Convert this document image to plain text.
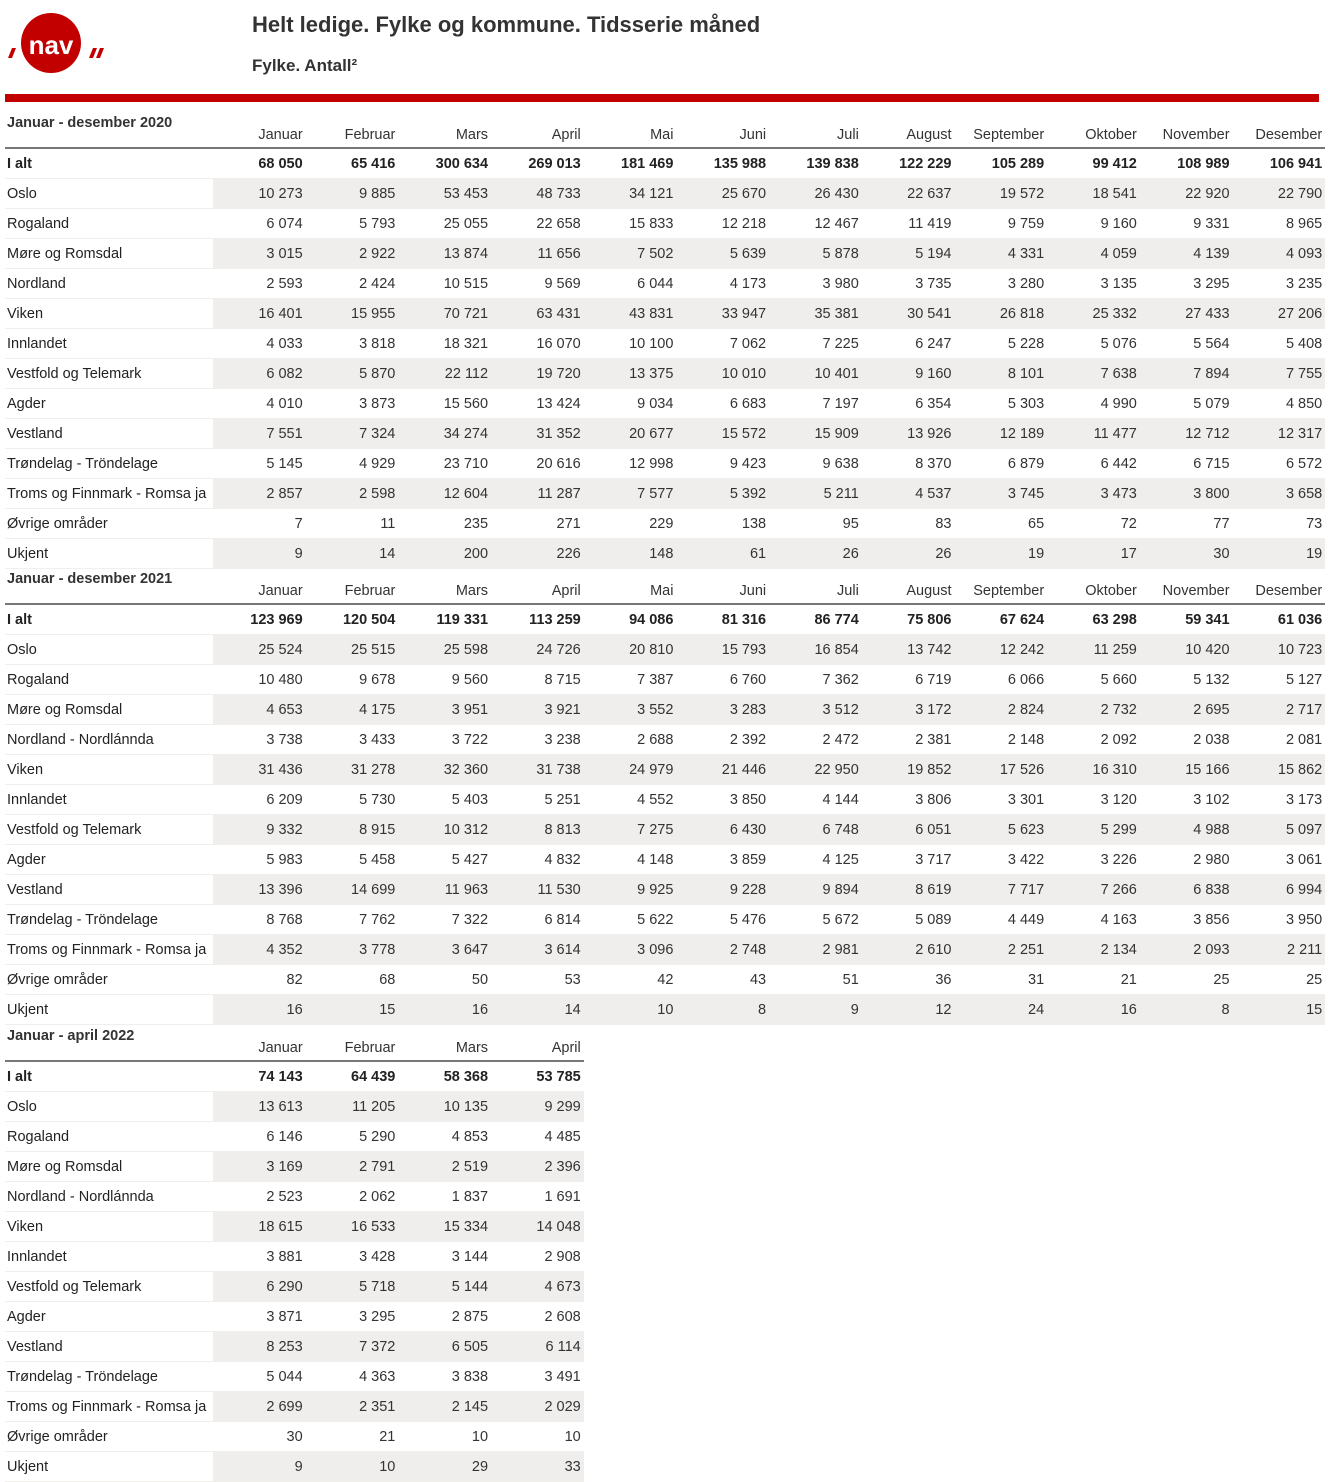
nav
Helt ledige. Fylke og kommune. Tidsserie måned
Fylke. Antall²
Januar - desember 2020
Januar	Februar	Mars	April	Mai	Juni	Juli	August	September	Oktober	November	Desember
I alt	68 050	65 416	300 634	269 013	181 469	135 988	139 838	122 229	105 289	99 412	108 989	106 941
Oslo	10 273	9 885	53 453	48 733	34 121	25 670	26 430	22 637	19 572	18 541	22 920	22 790
Rogaland	6 074	5 793	25 055	22 658	15 833	12 218	12 467	11 419	9 759	9 160	9 331	8 965
Møre og Romsdal	3 015	2 922	13 874	11 656	7 502	5 639	5 878	5 194	4 331	4 059	4 139	4 093
Nordland	2 593	2 424	10 515	9 569	6 044	4 173	3 980	3 735	3 280	3 135	3 295	3 235
Viken	16 401	15 955	70 721	63 431	43 831	33 947	35 381	30 541	26 818	25 332	27 433	27 206
Innlandet	4 033	3 818	18 321	16 070	10 100	7 062	7 225	6 247	5 228	5 076	5 564	5 408
Vestfold og Telemark	6 082	5 870	22 112	19 720	13 375	10 010	10 401	9 160	8 101	7 638	7 894	7 755
Agder	4 010	3 873	15 560	13 424	9 034	6 683	7 197	6 354	5 303	4 990	5 079	4 850
Vestland	7 551	7 324	34 274	31 352	20 677	15 572	15 909	13 926	12 189	11 477	12 712	12 317
Trøndelag - Tröndelage	5 145	4 929	23 710	20 616	12 998	9 423	9 638	8 370	6 879	6 442	6 715	6 572
Troms og Finnmark - Romsa ja	2 857	2 598	12 604	11 287	7 577	5 392	5 211	4 537	3 745	3 473	3 800	3 658
Øvrige områder	7	11	235	271	229	138	95	83	65	72	77	73
Ukjent	9	14	200	226	148	61	26	26	19	17	30	19
Januar - desember 2021
Januar	Februar	Mars	April	Mai	Juni	Juli	August	September	Oktober	November	Desember
I alt	123 969	120 504	119 331	113 259	94 086	81 316	86 774	75 806	67 624	63 298	59 341	61 036
Oslo	25 524	25 515	25 598	24 726	20 810	15 793	16 854	13 742	12 242	11 259	10 420	10 723
Rogaland	10 480	9 678	9 560	8 715	7 387	6 760	7 362	6 719	6 066	5 660	5 132	5 127
Møre og Romsdal	4 653	4 175	3 951	3 921	3 552	3 283	3 512	3 172	2 824	2 732	2 695	2 717
Nordland - Nordlánnda	3 738	3 433	3 722	3 238	2 688	2 392	2 472	2 381	2 148	2 092	2 038	2 081
Viken	31 436	31 278	32 360	31 738	24 979	21 446	22 950	19 852	17 526	16 310	15 166	15 862
Innlandet	6 209	5 730	5 403	5 251	4 552	3 850	4 144	3 806	3 301	3 120	3 102	3 173
Vestfold og Telemark	9 332	8 915	10 312	8 813	7 275	6 430	6 748	6 051	5 623	5 299	4 988	5 097
Agder	5 983	5 458	5 427	4 832	4 148	3 859	4 125	3 717	3 422	3 226	2 980	3 061
Vestland	13 396	14 699	11 963	11 530	9 925	9 228	9 894	8 619	7 717	7 266	6 838	6 994
Trøndelag - Tröndelage	8 768	7 762	7 322	6 814	5 622	5 476	5 672	5 089	4 449	4 163	3 856	3 950
Troms og Finnmark - Romsa ja	4 352	3 778	3 647	3 614	3 096	2 748	2 981	2 610	2 251	2 134	2 093	2 211
Øvrige områder	82	68	50	53	42	43	51	36	31	21	25	25
Ukjent	16	15	16	14	10	8	9	12	24	16	8	15
Januar - april 2022
Januar	Februar	Mars	April
I alt	74 143	64 439	58 368	53 785
Oslo	13 613	11 205	10 135	9 299
Rogaland	6 146	5 290	4 853	4 485
Møre og Romsdal	3 169	2 791	2 519	2 396
Nordland - Nordlánnda	2 523	2 062	1 837	1 691
Viken	18 615	16 533	15 334	14 048
Innlandet	3 881	3 428	3 144	2 908
Vestfold og Telemark	6 290	5 718	5 144	4 673
Agder	3 871	3 295	2 875	2 608
Vestland	8 253	7 372	6 505	6 114
Trøndelag - Tröndelage	5 044	4 363	3 838	3 491
Troms og Finnmark - Romsa ja	2 699	2 351	2 145	2 029
Øvrige områder	30	21	10	10
Ukjent	9	10	29	33
